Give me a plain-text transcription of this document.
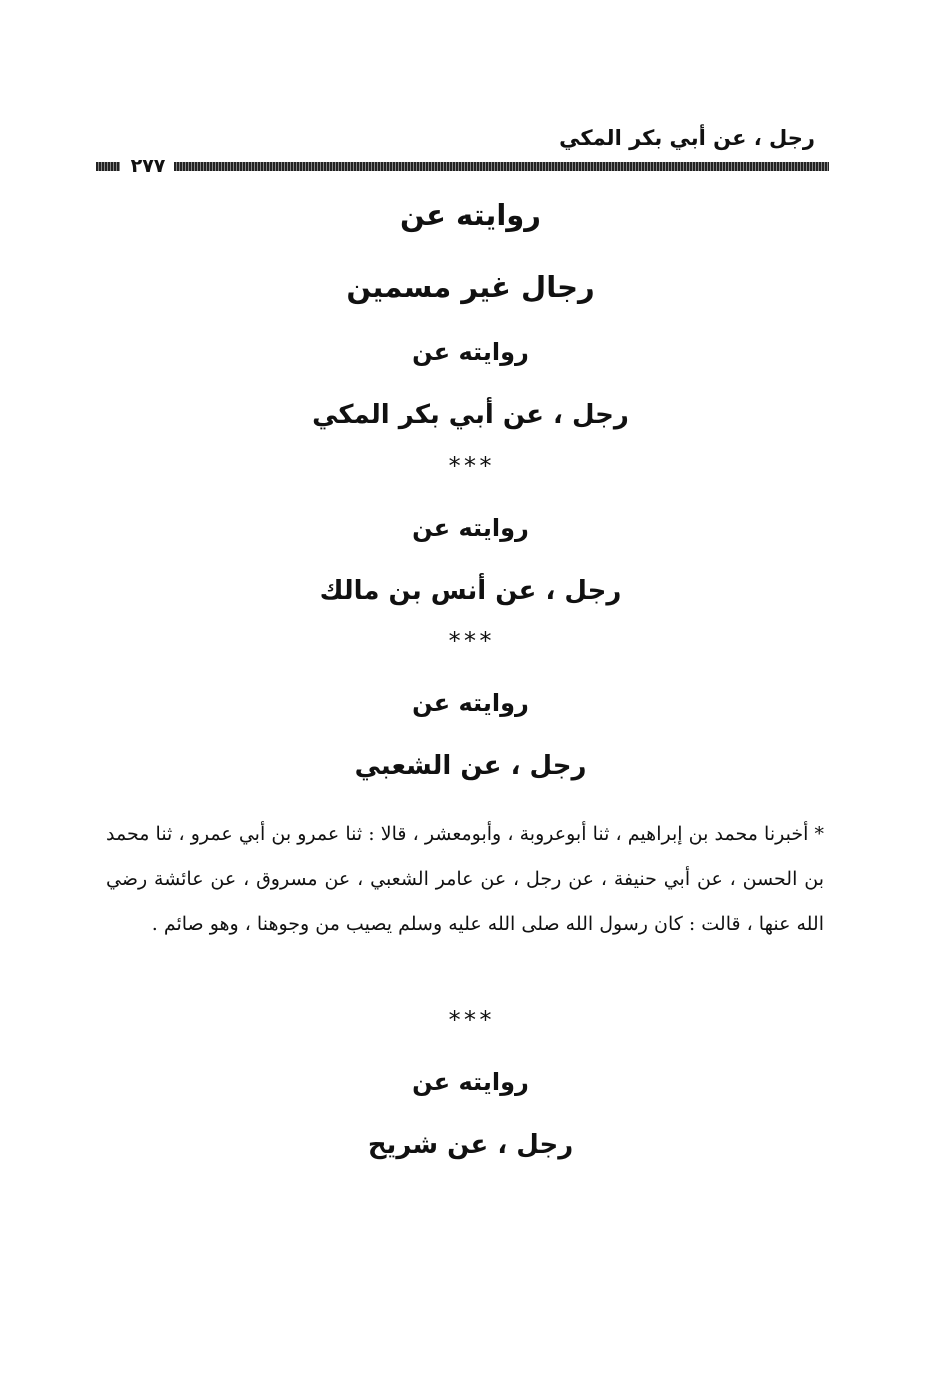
رجل ، عن أبي بكر المكي
٢٧٧
روايته عن
رجال غير مسمين
روايته عن
رجل ، عن أبي بكر المكي
***
روايته عن
رجل ، عن أنس بن مالك
***
روايته عن
رجل ، عن الشعبي
* أخبرنا محمد بن إبراهيم ، ثنا أبوعروبة ، وأبومعشر ، قالا : ثنا عمرو بن أبي عمرو ، ثنا محمد بن الحسن ، عن أبي حنيفة ، عن رجل ، عن عامر الشعبي ، عن مسروق ، عن عائشة رضي الله عنها ، قالت : كان رسول الله صلى الله عليه وسلم يصيب من وجوهنا ، وهو صائم .
***
روايته عن
رجل ، عن شريح
